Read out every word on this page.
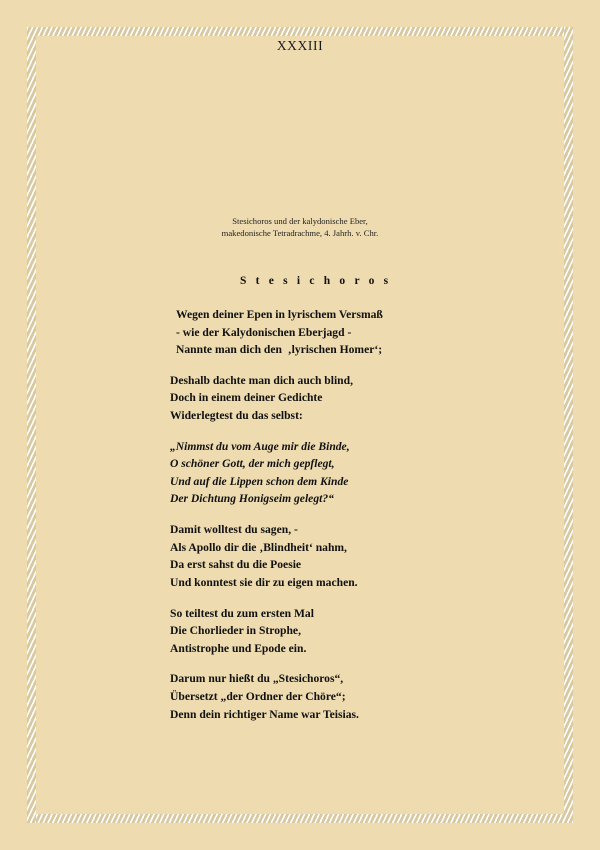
XXXIII
Stesichoros und der kalydonische Eber,
makedonische Tetradrachme, 4. Jahrh. v. Chr.
S t e s i c h o r o s
Wegen deiner Epen in lyrischem Versmaß
- wie der Kalydonischen Eberjagd -
Nannte man dich den  ‚lyrischen Homer‘;
Deshalb dachte man dich auch blind,
Doch in einem deiner Gedichte
Widerlegtest du das selbst:
„Nimmst du vom Auge mir die Binde,
O schöner Gott, der mich gepflegt,
Und auf die Lippen schon dem Kinde
Der Dichtung Honigseim gelegt?“
Damit wolltest du sagen, -
Als Apollo dir die ‚Blindheit‘ nahm,
Da erst sahst du die Poesie
Und konntest sie dir zu eigen machen.
So teiltest du zum ersten Mal
Die Chorlieder in Strophe,
Antistrophe und Epode ein.
Darum nur hießt du „Stesichoros“,
Übersetzt „der Ordner der Chöre“;
Denn dein richtiger Name war Teisias.
